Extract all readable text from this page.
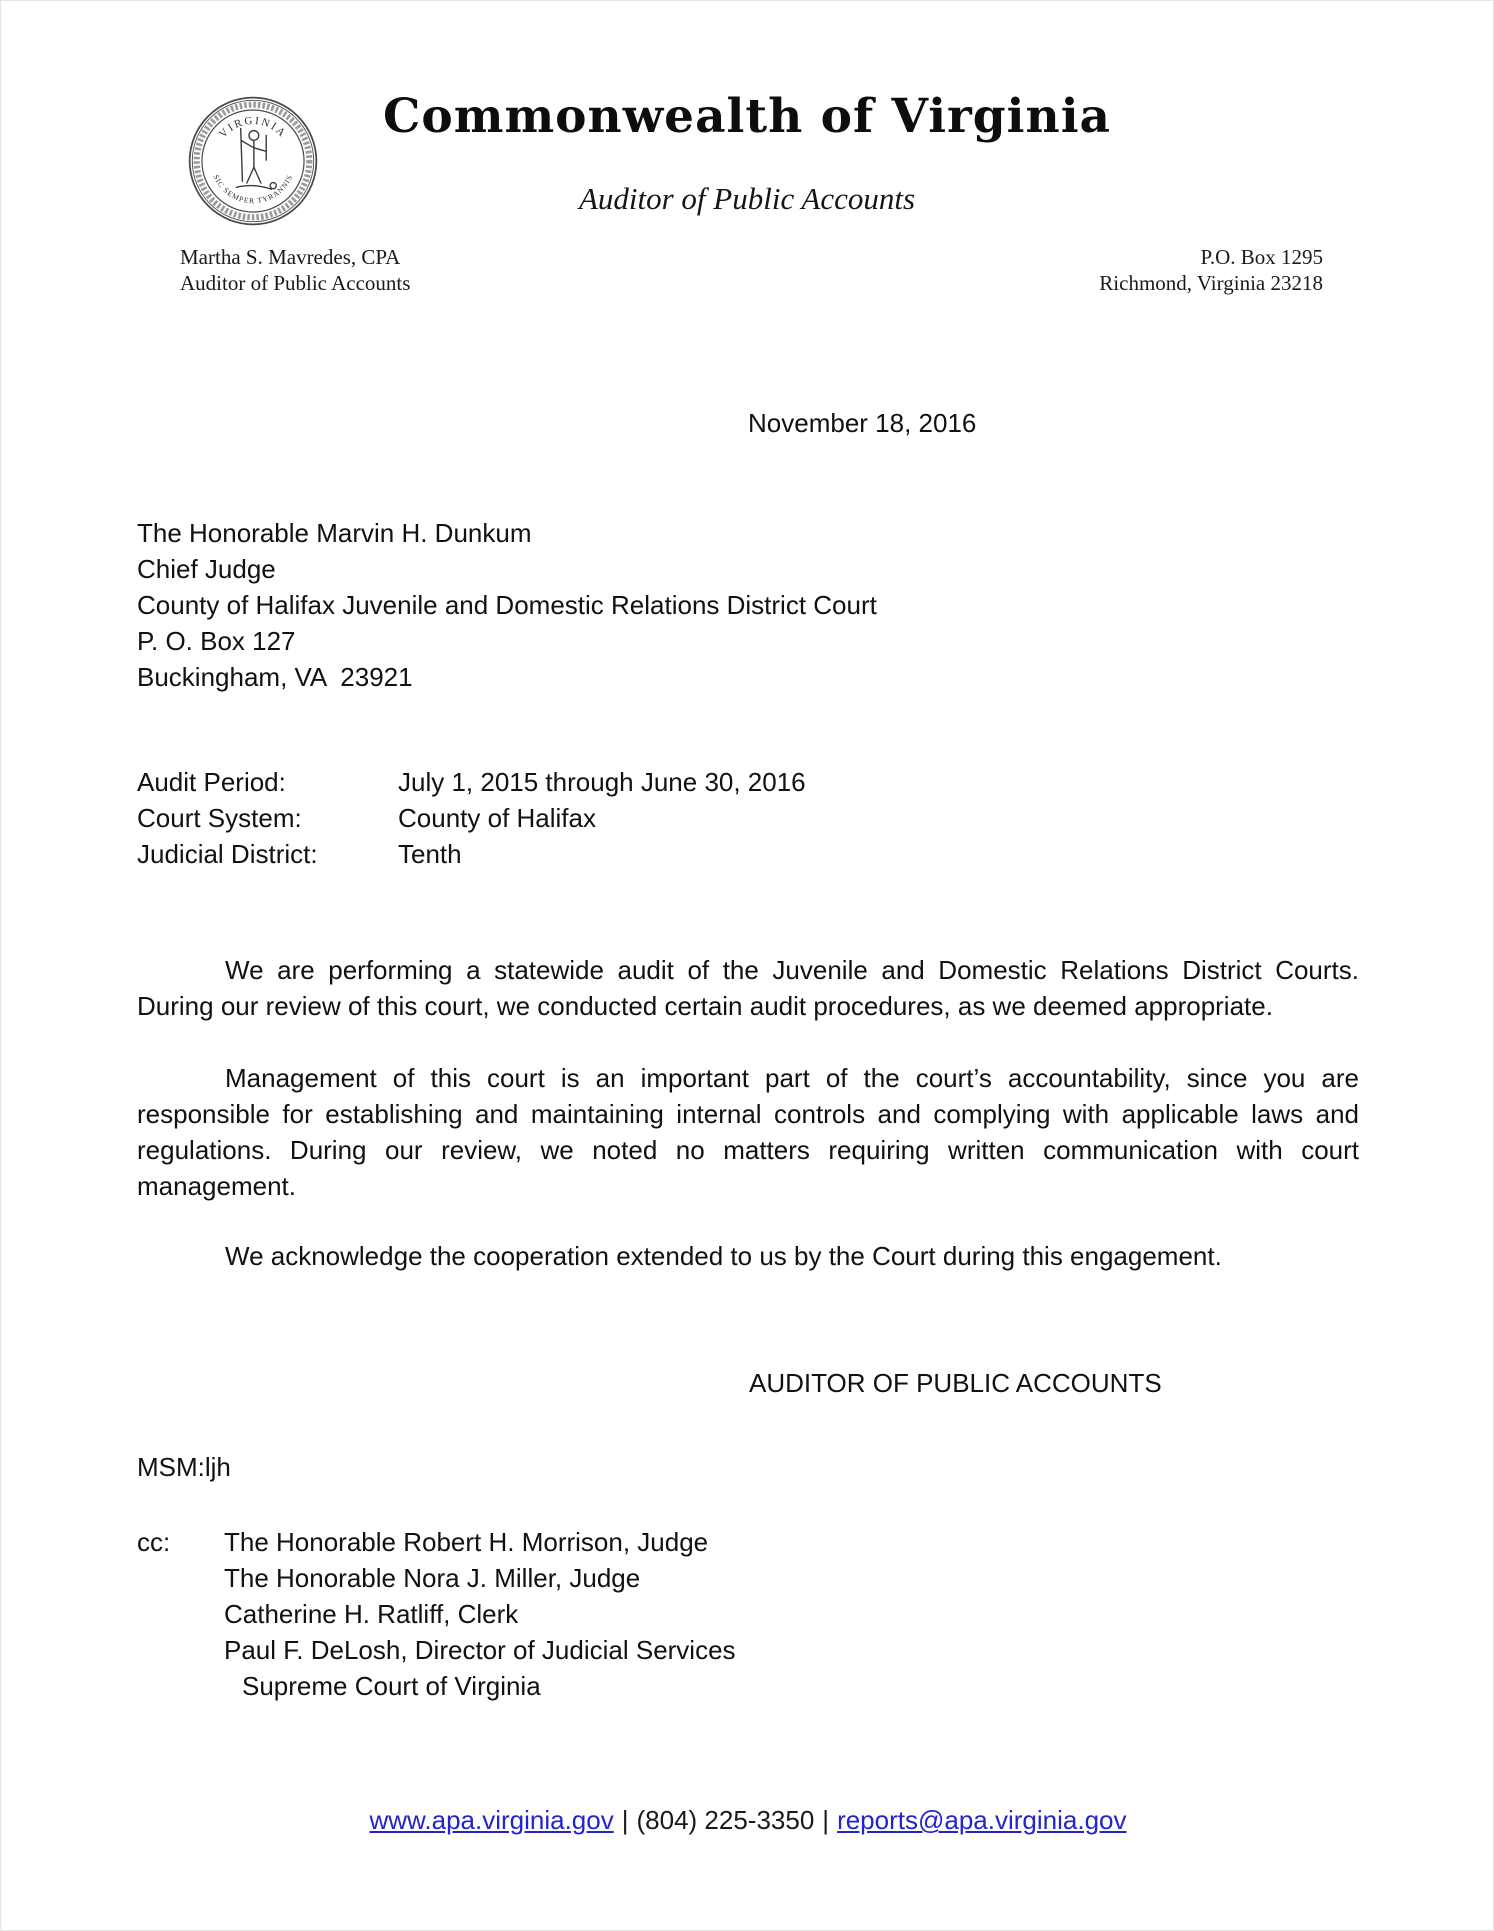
VIRGINIA
SIC SEMPER TYRANNIS
Commonwealth of Virginia
Auditor of Public Accounts
Martha S. Mavredes, CPA
Auditor of Public Accounts
P.O. Box 1295
Richmond, Virginia 23218
November 18, 2016
The Honorable Marvin H. Dunkum
Chief Judge
County of Halifax Juvenile and Domestic Relations District Court
P. O. Box 127
Buckingham, VA  23921
Audit Period:	July 1, 2015 through June 30, 2016
Court System:	County of Halifax
Judicial District:	Tenth

We are performing a statewide audit of the Juvenile and Domestic Relations District Courts. During our review of this court, we conducted certain audit procedures, as we deemed appropriate.

Management of this court is an important part of the court’s accountability, since you are responsible for establishing and maintaining internal controls and complying with applicable laws and regulations. During our review, we noted no matters requiring written communication with court management.

We acknowledge the cooperation extended to us by the Court during this engagement.

AUDITOR OF PUBLIC ACCOUNTS
MSM:ljh
cc:	The Honorable Robert H. Morrison, Judge
The Honorable Nora J. Miller, Judge
Catherine H. Ratliff, Clerk
Paul F. DeLosh, Director of Judicial Services
Supreme Court of Virginia
www.apa.virginia.gov | (804) 225-3350 | reports@apa.virginia.gov
